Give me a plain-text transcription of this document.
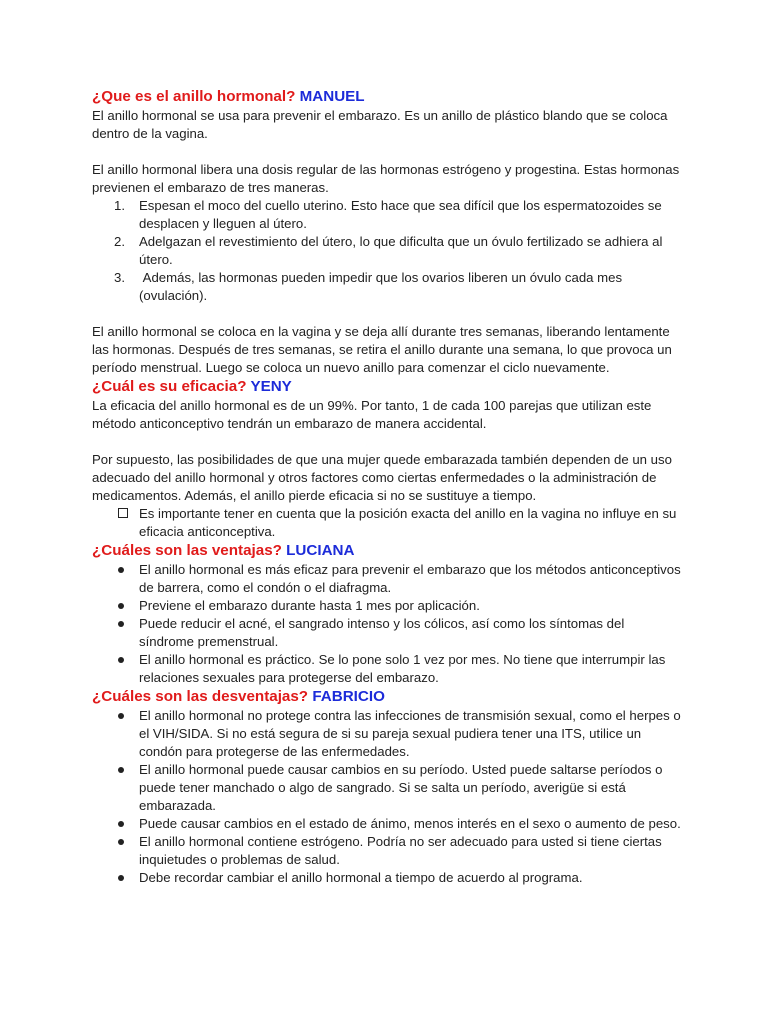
¿Que es el anillo hormonal? MANUEL

El anillo hormonal se usa para prevenir el embarazo. Es un anillo de plástico blando que se coloca dentro de la vagina.

El anillo hormonal libera una dosis regular de las hormonas estrógeno y progestina. Estas hormonas previenen el embarazo de tres maneras.

1. Espesan el moco del cuello uterino. Esto hace que sea difícil que los espermatozoides se desplacen y lleguen al útero.
2. Adelgazan el revestimiento del útero, lo que dificulta que un óvulo fertilizado se adhiera al útero.
3. Además, las hormonas pueden impedir que los ovarios liberen un óvulo cada mes (ovulación).

El anillo hormonal se coloca en la vagina y se deja allí durante tres semanas, liberando lentamente las hormonas. Después de tres semanas, se retira el anillo durante una semana, lo que provoca un período menstrual. Luego se coloca un nuevo anillo para comenzar el ciclo nuevamente.

¿Cuál es su eficacia? YENY

La eficacia del anillo hormonal es de un 99%. Por tanto, 1 de cada 100 parejas que utilizan este método anticonceptivo tendrán un embarazo de manera accidental.

Por supuesto, las posibilidades de que una mujer quede embarazada también dependen de un uso adecuado del anillo hormonal y otros factores como ciertas enfermedades o la administración de medicamentos. Además, el anillo pierde eficacia si no se sustituye a tiempo.

Es importante tener en cuenta que la posición exacta del anillo en la vagina no influye en su eficacia anticonceptiva.
¿Cuáles son las ventajas? LUCIANA
El anillo hormonal es más eficaz para prevenir el embarazo que los métodos anticonceptivos de barrera, como el condón o el diafragma.
Previene el embarazo durante hasta 1 mes por aplicación.
Puede reducir el acné, el sangrado intenso y los cólicos, así como los síntomas del síndrome premenstrual.
El anillo hormonal es práctico. Se lo pone solo 1 vez por mes. No tiene que interrumpir las relaciones sexuales para protegerse del embarazo.
¿Cuáles son las desventajas? FABRICIO
El anillo hormonal no protege contra las infecciones de transmisión sexual, como el herpes o el VIH/SIDA. Si no está segura de si su pareja sexual pudiera tener una ITS, utilice un condón para protegerse de las enfermedades.
El anillo hormonal puede causar cambios en su período. Usted puede saltarse períodos o puede tener manchado o algo de sangrado. Si se salta un período, averigüe si está embarazada.
Puede causar cambios en el estado de ánimo, menos interés en el sexo o aumento de peso.
El anillo hormonal contiene estrógeno. Podría no ser adecuado para usted si tiene ciertas inquietudes o problemas de salud.
Debe recordar cambiar el anillo hormonal a tiempo de acuerdo al programa.
